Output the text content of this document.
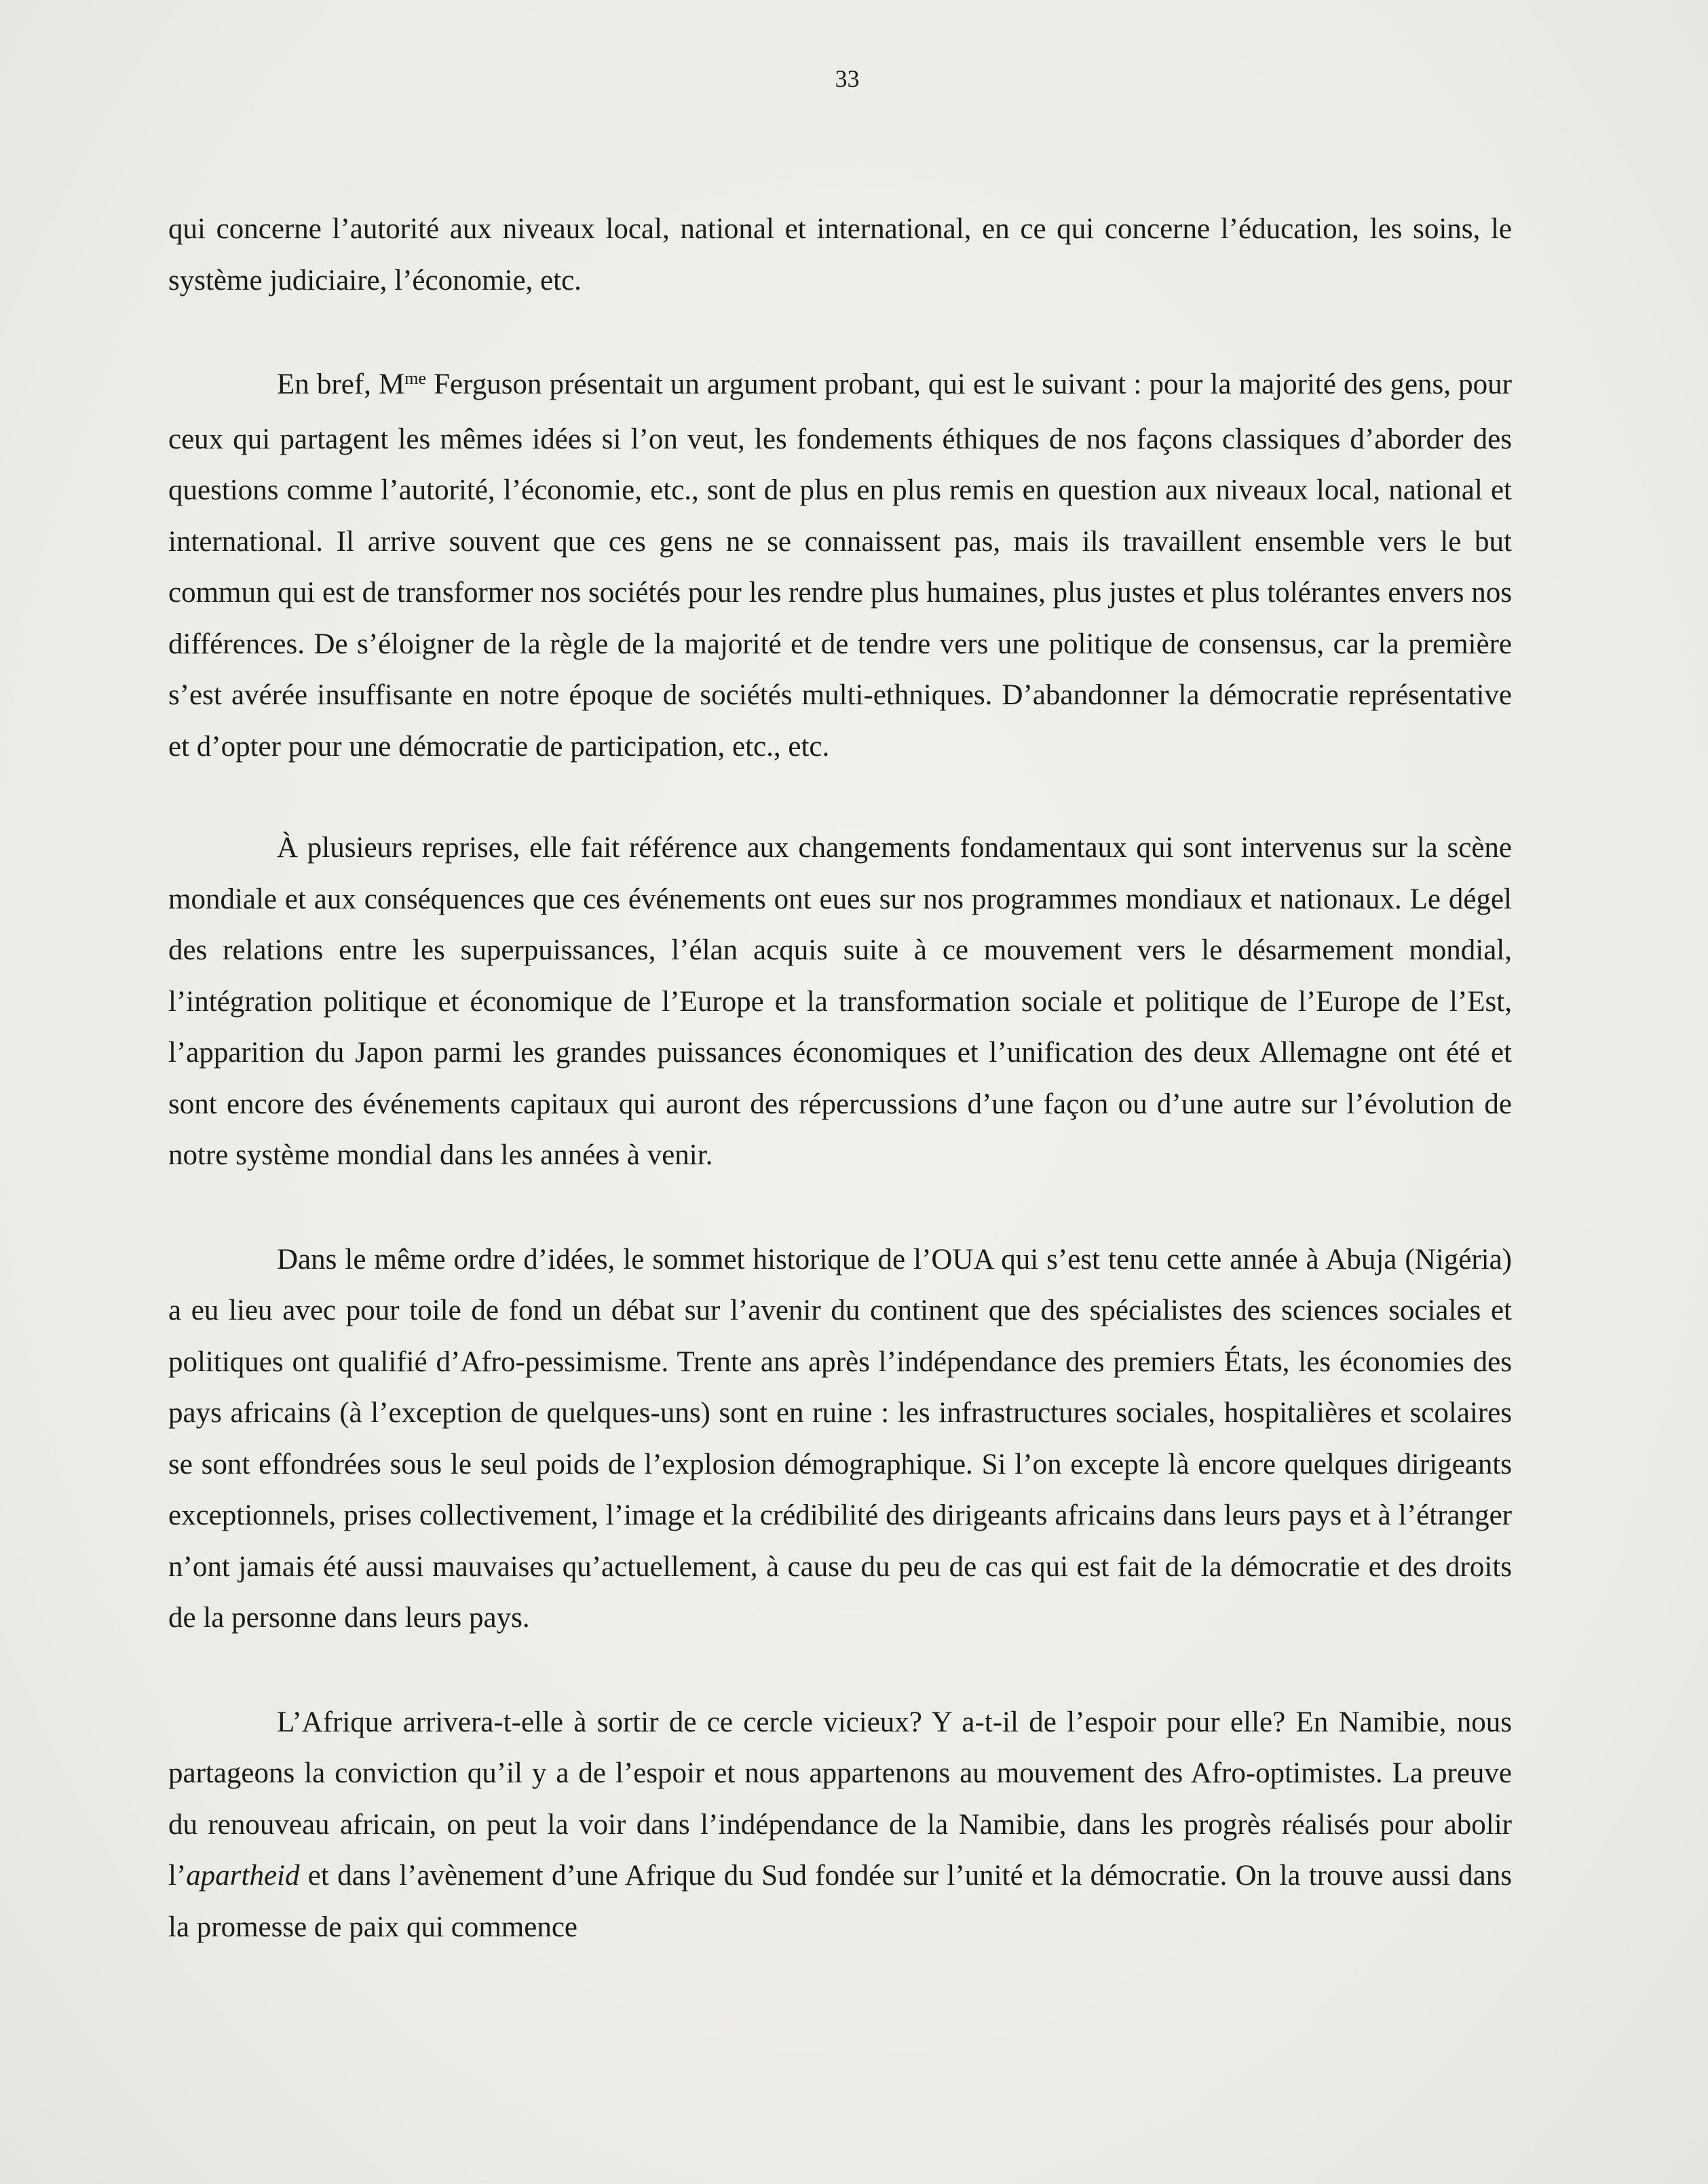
33

qui concerne l’autorité aux niveaux local, national et international, en ce qui concerne l’éducation, les soins, le système judiciaire, l’économie, etc.

En bref, $M^{me}$ Ferguson présentait un argument probant, qui est le suivant : pour la majorité des gens, pour ceux qui partagent les mêmes idées si l’on veut, les fondements éthiques de nos façons classiques d’aborder des questions comme l’autorité, l’économie, etc., sont de plus en plus remis en question aux niveaux local, national et international. Il arrive souvent que ces gens ne se connaissent pas, mais ils travaillent ensemble vers le but commun qui est de transformer nos sociétés pour les rendre plus humaines, plus justes et plus tolérantes envers nos différences. De s’éloigner de la règle de la majorité et de tendre vers une politique de consensus, car la première s’est avérée insuffisante en notre époque de sociétés multi-ethniques. D’abandonner la démocratie représentative et d’opter pour une démocratie de participation, etc., etc.

À plusieurs reprises, elle fait référence aux changements fondamentaux qui sont intervenus sur la scène mondiale et aux conséquences que ces événements ont eues sur nos programmes mondiaux et nationaux. Le dégel des relations entre les superpuissances, l’élan acquis suite à ce mouvement vers le désarmement mondial, l’intégration politique et économique de l’Europe et la transformation sociale et politique de l’Europe de l’Est, l’apparition du Japon parmi les grandes puissances économiques et l’unification des deux Allemagne ont été et sont encore des événements capitaux qui auront des répercussions d’une façon ou d’une autre sur l’évolution de notre système mondial dans les années à venir.

Dans le même ordre d’idées, le sommet historique de l’OUA qui s’est tenu cette année à Abuja (Nigéria) a eu lieu avec pour toile de fond un débat sur l’avenir du continent que des spécialistes des sciences sociales et politiques ont qualifié d’Afro-pessimisme. Trente ans après l’indépendance des premiers États, les économies des pays africains (à l’exception de quelques-uns) sont en ruine : les infrastructures sociales, hospitalières et scolaires se sont effondrées sous le seul poids de l’explosion démographique. Si l’on excepte là encore quelques dirigeants exceptionnels, prises collectivement, l’image et la crédibilité des dirigeants africains dans leurs pays et à l’étranger n’ont jamais été aussi mauvaises qu’actuellement, à cause du peu de cas qui est fait de la démocratie et des droits de la personne dans leurs pays.

L’Afrique arrivera-t-elle à sortir de ce cercle vicieux? Y a-t-il de l’espoir pour elle? En Namibie, nous partageons la conviction qu’il y a de l’espoir et nous appartenons au mouvement des Afro-optimistes. La preuve du renouveau africain, on peut la voir dans l’indépendance de la Namibie, dans les progrès réalisés pour abolir l’apartheid et dans l’avènement d’une Afrique du Sud fondée sur l’unité et la démocratie. On la trouve aussi dans la promesse de paix qui commence
